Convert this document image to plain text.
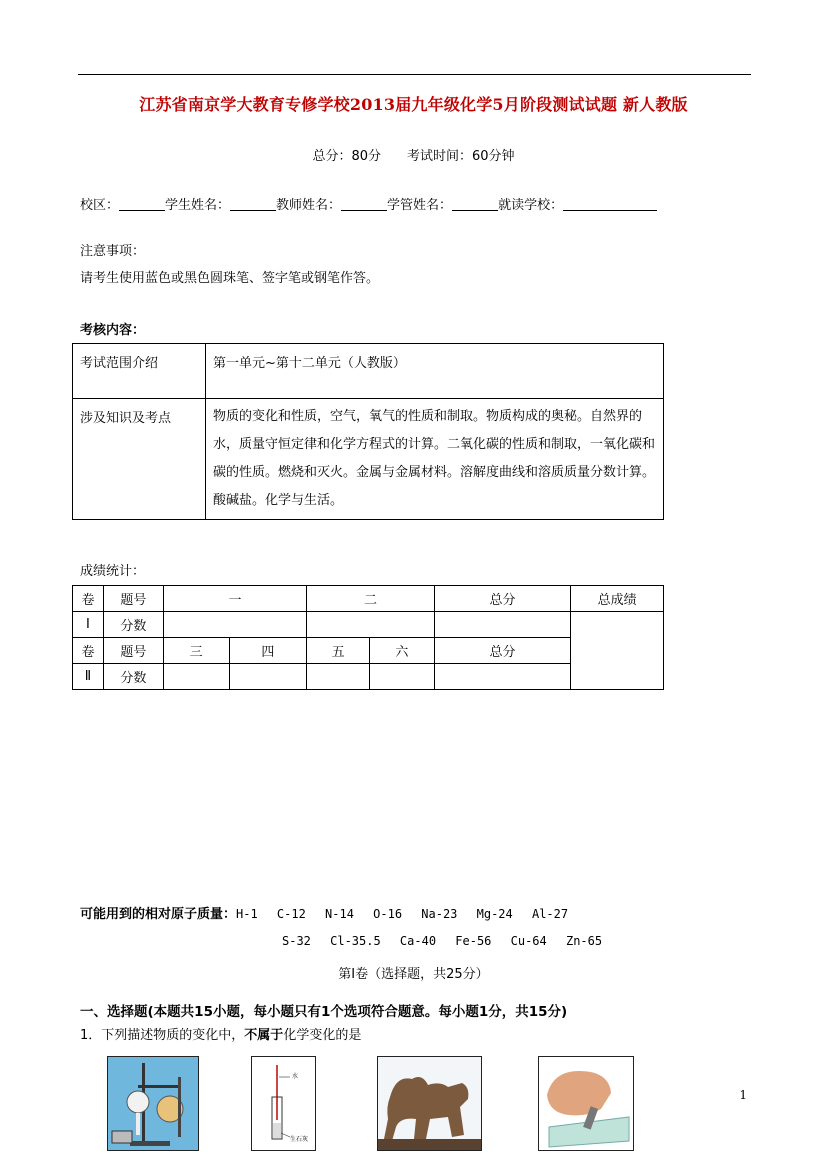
江苏省南京学大教育专修学校2013届九年级化学5月阶段测试试题 新人教版
总分：80分　　考试时间：60分钟
校区：	学生姓名：	教师姓名：	学管姓名：	就读学校：
注意事项：
请考生使用蓝色或黑色圆珠笔、签字笔或钢笔作答。
考核内容：
考试范围介绍	第一单元~第十二单元（人教版）
涉及知识及考点	物质的变化和性质，空气，氧气的性质和制取。物质构成的奥秘。自然界的水，质量守恒定律和化学方程式的计算。二氧化碳的性质和制取，一氧化碳和碳的性质。燃烧和灭火。金属与金属材料。溶解度曲线和溶质质量分数计算。酸碱盐。化学与生活。
成绩统计：
卷	题号	一		二		总分	总成绩
Ⅰ	分数						
卷	题号	三	四	五	六	总分	
Ⅱ	分数						
可能用到的相对原子质量：H-1　 C-12　 N-14　 O-16　 Na-23　 Mg-24　 Al-27
S-32　 Cl-35.5　 Ca-40　 Fe-56　 Cu-64　 Zn-65
第Ⅰ卷（选择题，共25分）
一、选择题(本题共15小题，每小题只有1个选项符合题意。每小题1分，共15分)
1．下列描述物质的变化中，不属于化学变化的是
水
生石灰
1
